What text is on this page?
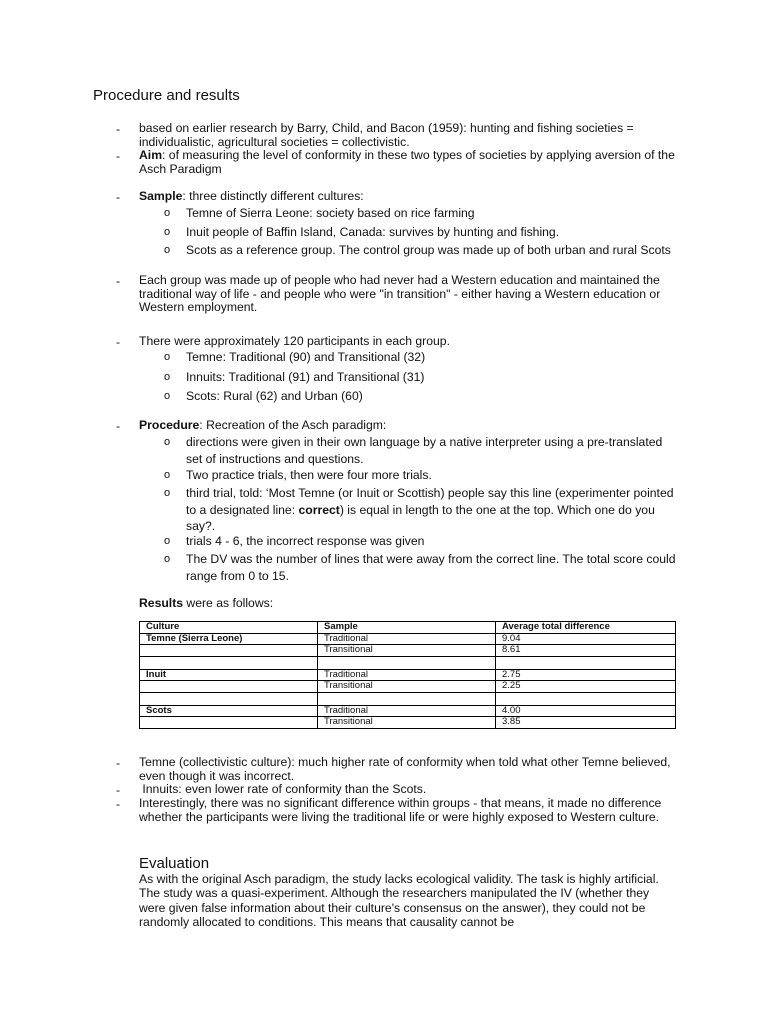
Procedure and results
-	based on earlier research by Barry, Child, and Bacon (1959): hunting and fishing societies = individualistic, agricultural societies = collectivistic.
-	Aim: of measuring the level of conformity in these two types of societies by applying aversion of the Asch Paradigm
-	Sample: three distinctly different cultures:
o Temne of Sierra Leone: society based on rice farming
o Inuit people of Baffin Island, Canada: survives by hunting and fishing.
o Scots as a reference group. The control group was made up of both urban and rural Scots
-	Each group was made up of people who had never had a Western education and maintained the traditional way of life - and people who were "in transition" - either having a Western education or Western employment.
-	There were approximately 120 participants in each group.
o Temne: Traditional (90) and Transitional (32)
o Innuits: Traditional (91) and Transitional (31)
o Scots: Rural (62) and Urban (60)
-	Procedure: Recreation of the Asch paradigm:
o directions were given in their own language by a native interpreter using a pre-translated set of instructions and questions.
o Two practice trials, then were four more trials.
o third trial, told: ‘Most Temne (or Inuit or Scottish) people say this line (experimenter pointed to a designated line: correct) is equal in length to the one at the top. Which one do you say?.
o trials 4 - 6, the incorrect response was given
o The DV was the number of lines that were away from the correct line. The total score could range from 0 to 15.
Results were as follows:
Culture	Sample	Average total difference
Temne (Sierra Leone)	Traditional	9.04
	Transitional	8.61

Inuit	Traditional	2.75
	Transitional	2.25

Scots	Traditional	4.00
	Transitional	3.85
-	Temne (collectivistic culture): much higher rate of conformity when told what other Temne believed, even though it was incorrect.
-	Innuits: even lower rate of conformity than the Scots.
-	Interestingly, there was no significant difference within groups - that means, it made no difference whether the participants were living the traditional life or were highly exposed to Western culture.
Evaluation
As with the original Asch paradigm, the study lacks ecological validity. The task is highly artificial. The study was a quasi-experiment. Although the researchers manipulated the IV (whether they were given false information about their culture's consensus on the answer), they could not be randomly allocated to conditions. This means that causality cannot be
